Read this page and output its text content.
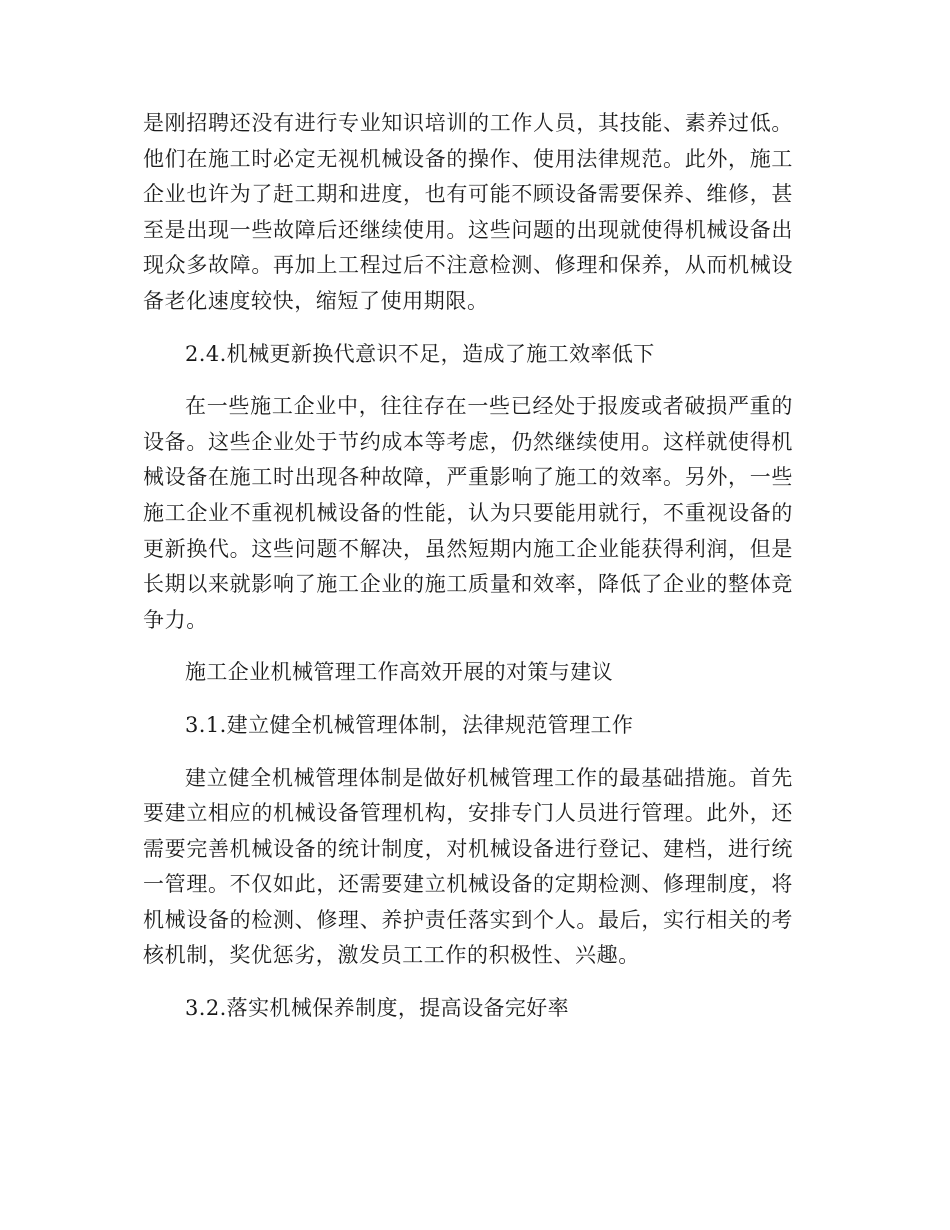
是刚招聘还没有进行专业知识培训的工作人员，其技能、素养过低。他们在施工时必定无视机械设备的操作、使用法律规范。此外，施工企业也许为了赶工期和进度，也有可能不顾设备需要保养、维修，甚至是出现一些故障后还继续使用。这些问题的出现就使得机械设备出现众多故障。再加上工程过后不注意检测、修理和保养，从而机械设备老化速度较快，缩短了使用期限。

2.4.机械更新换代意识不足，造成了施工效率低下

在一些施工企业中，往往存在一些已经处于报废或者破损严重的设备。这些企业处于节约成本等考虑，仍然继续使用。这样就使得机械设备在施工时出现各种故障，严重影响了施工的效率。另外，一些施工企业不重视机械设备的性能，认为只要能用就行，不重视设备的更新换代。这些问题不解决，虽然短期内施工企业能获得利润，但是长期以来就影响了施工企业的施工质量和效率，降低了企业的整体竞争力。

施工企业机械管理工作高效开展的对策与建议

3.1.建立健全机械管理体制，法律规范管理工作

建立健全机械管理体制是做好机械管理工作的最基础措施。首先要建立相应的机械设备管理机构，安排专门人员进行管理。此外，还需要完善机械设备的统计制度，对机械设备进行登记、建档，进行统一管理。不仅如此，还需要建立机械设备的定期检测、修理制度，将机械设备的检测、修理、养护责任落实到个人。最后，实行相关的考核机制，奖优惩劣，激发员工工作的积极性、兴趣。

3.2.落实机械保养制度，提高设备完好率
